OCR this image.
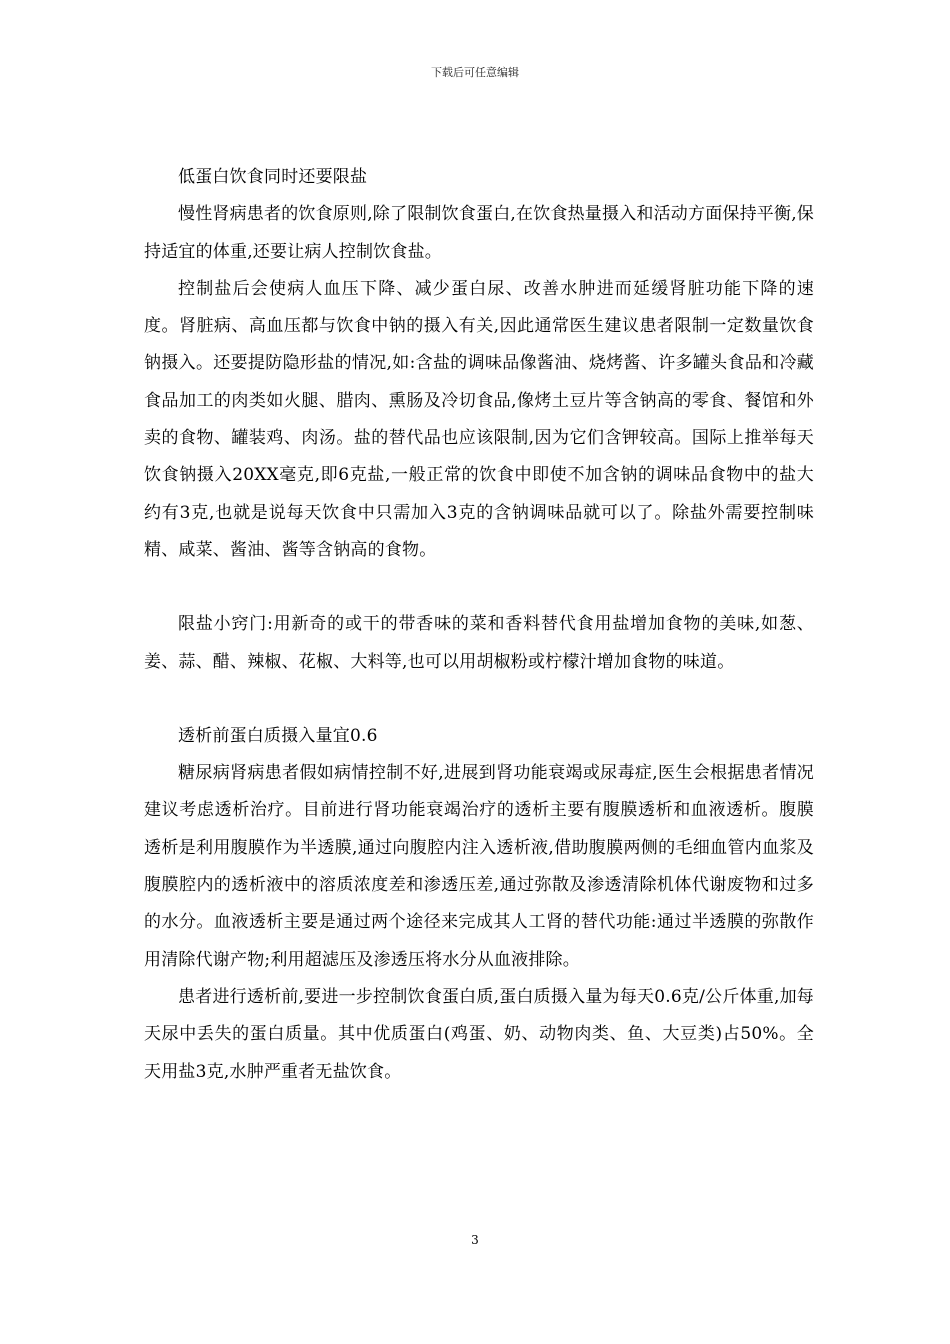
下载后可任意编辑
低蛋白饮食同时还要限盐

慢性肾病患者的饮食原则,除了限制饮食蛋白,在饮食热量摄入和活动方面保持平衡,保持适宜的体重,还要让病人控制饮食盐。

控制盐后会使病人血压下降、减少蛋白尿、改善水肿进而延缓肾脏功能下降的速度。肾脏病、高血压都与饮食中钠的摄入有关,因此通常医生建议患者限制一定数量饮食钠摄入。还要提防隐形盐的情况,如:含盐的调味品像酱油、烧烤酱、许多罐头食品和冷藏食品加工的肉类如火腿、腊肉、熏肠及冷切食品,像烤土豆片等含钠高的零食、餐馆和外卖的食物、罐装鸡、肉汤。盐的替代品也应该限制,因为它们含钾较高。国际上推举每天饮食钠摄入20XX毫克,即6克盐,一般正常的饮食中即使不加含钠的调味品食物中的盐大约有3克,也就是说每天饮食中只需加入3克的含钠调味品就可以了。除盐外需要控制味精、咸菜、酱油、酱等含钠高的食物。

限盐小窍门:用新奇的或干的带香味的菜和香料替代食用盐增加食物的美味,如葱、姜、蒜、醋、辣椒、花椒、大料等,也可以用胡椒粉或柠檬汁增加食物的味道。

透析前蛋白质摄入量宜0.6

糖尿病肾病患者假如病情控制不好,进展到肾功能衰竭或尿毒症,医生会根据患者情况建议考虑透析治疗。目前进行肾功能衰竭治疗的透析主要有腹膜透析和血液透析。腹膜透析是利用腹膜作为半透膜,通过向腹腔内注入透析液,借助腹膜两侧的毛细血管内血浆及腹膜腔内的透析液中的溶质浓度差和渗透压差,通过弥散及渗透清除机体代谢废物和过多的水分。血液透析主要是通过两个途径来完成其人工肾的替代功能:通过半透膜的弥散作用清除代谢产物;利用超滤压及渗透压将水分从血液排除。

患者进行透析前,要进一步控制饮食蛋白质,蛋白质摄入量为每天0.6克/公斤体重,加每天尿中丢失的蛋白质量。其中优质蛋白(鸡蛋、奶、动物肉类、鱼、大豆类)占50%。全天用盐3克,水肿严重者无盐饮食。

3
